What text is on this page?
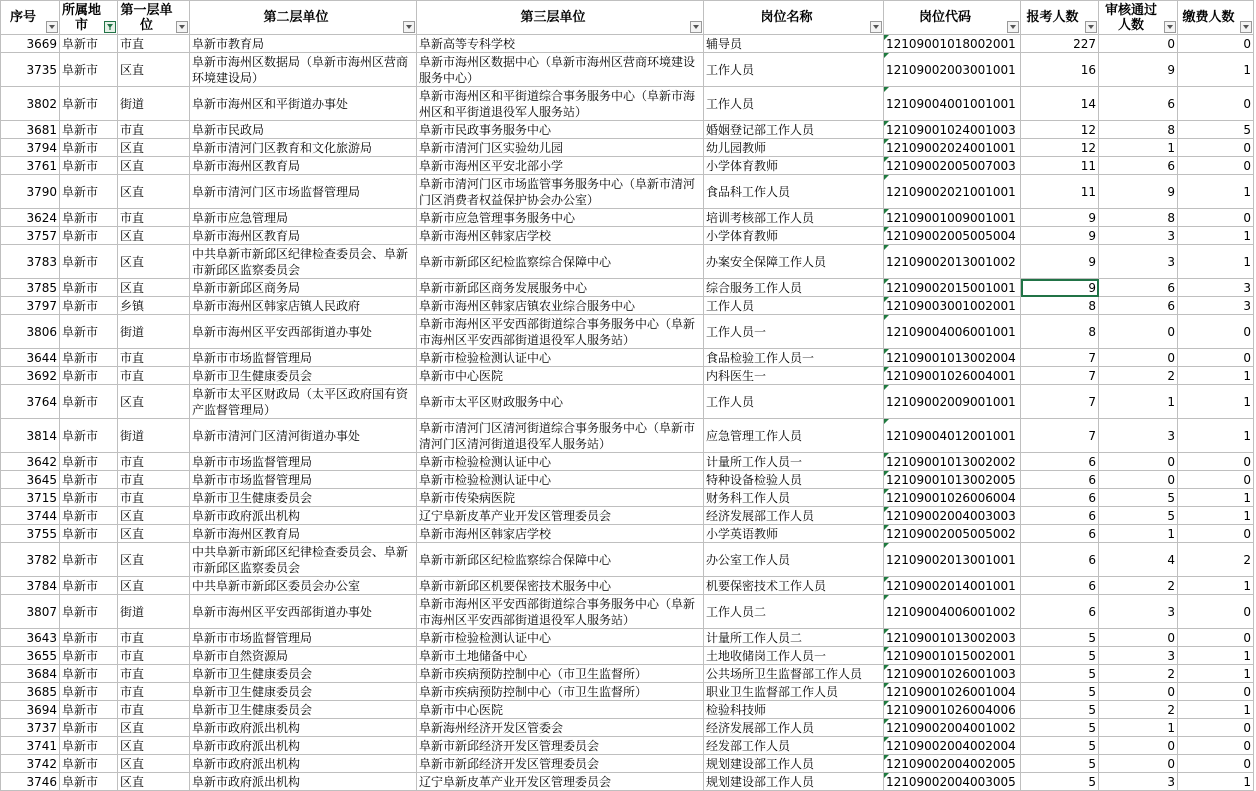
序号	所属地市	第一层单位	第二层单位	第三层单位	岗位名称	岗位代码	报考人数	审核通过人数	缴费人数

3669	阜新市	市直	阜新市教育局	阜新高等专科学校	辅导员	12109001018002001	227	0	0
3735	阜新市	区直	阜新市海州区数据局（阜新市海州区营商环境建设局）	阜新市海州区数据中心（阜新市海州区营商环境建设服务中心）	工作人员	12109002003001001	16	9	1
3802	阜新市	街道	阜新市海州区和平街道办事处	阜新市海州区和平街道综合事务服务中心（阜新市海州区和平街道退役军人服务站）	工作人员	12109004001001001	14	6	0
3681	阜新市	市直	阜新市民政局	阜新市民政事务服务中心	婚姻登记部工作人员	12109001024001003	12	8	5
3794	阜新市	区直	阜新市清河门区教育和文化旅游局	阜新市清河门区实验幼儿园	幼儿园教师	12109002024001001	12	1	0
3761	阜新市	区直	阜新市海州区教育局	阜新市海州区平安北部小学	小学体育教师	12109002005007003	11	6	0
3790	阜新市	区直	阜新市清河门区市场监督管理局	阜新市清河门区市场监管事务服务中心（阜新市清河门区消费者权益保护协会办公室）	食品科工作人员	12109002021001001	11	9	1
3624	阜新市	市直	阜新市应急管理局	阜新市应急管理事务服务中心	培训考核部工作人员	12109001009001001	9	8	0
3757	阜新市	区直	阜新市海州区教育局	阜新市海州区韩家店学校	小学体育教师	12109002005005004	9	3	1
3783	阜新市	区直	中共阜新市新邱区纪律检查委员会、阜新市新邱区监察委员会	阜新市新邱区纪检监察综合保障中心	办案安全保障工作人员	12109002013001002	9	3	1
3785	阜新市	区直	阜新市新邱区商务局	阜新市新邱区商务发展服务中心	综合服务工作人员	12109002015001001	9	6	3
3797	阜新市	乡镇	阜新市海州区韩家店镇人民政府	阜新市海州区韩家店镇农业综合服务中心	工作人员	12109003001002001	8	6	3
3806	阜新市	街道	阜新市海州区平安西部街道办事处	阜新市海州区平安西部街道综合事务服务中心（阜新市海州区平安西部街道退役军人服务站）	工作人员一	12109004006001001	8	0	0
3644	阜新市	市直	阜新市市场监督管理局	阜新市检验检测认证中心	食品检验工作人员一	12109001013002004	7	0	0
3692	阜新市	市直	阜新市卫生健康委员会	阜新市中心医院	内科医生一	12109001026004001	7	2	1
3764	阜新市	区直	阜新市太平区财政局（太平区政府国有资产监督管理局）	阜新市太平区财政服务中心	工作人员	12109002009001001	7	1	1
3814	阜新市	街道	阜新市清河门区清河街道办事处	阜新市清河门区清河街道综合事务服务中心（阜新市清河门区清河街道退役军人服务站）	应急管理工作人员	12109004012001001	7	3	1
3642	阜新市	市直	阜新市市场监督管理局	阜新市检验检测认证中心	计量所工作人员一	12109001013002002	6	0	0
3645	阜新市	市直	阜新市市场监督管理局	阜新市检验检测认证中心	特种设备检验人员	12109001013002005	6	0	0
3715	阜新市	市直	阜新市卫生健康委员会	阜新市传染病医院	财务科工作人员	12109001026006004	6	5	1
3744	阜新市	区直	阜新市政府派出机构	辽宁阜新皮革产业开发区管理委员会	经济发展部工作人员	12109002004003003	6	5	1
3755	阜新市	区直	阜新市海州区教育局	阜新市海州区韩家店学校	小学英语教师	12109002005005002	6	1	0
3782	阜新市	区直	中共阜新市新邱区纪律检查委员会、阜新市新邱区监察委员会	阜新市新邱区纪检监察综合保障中心	办公室工作人员	12109002013001001	6	4	2
3784	阜新市	区直	中共阜新市新邱区委员会办公室	阜新市新邱区机要保密技术服务中心	机要保密技术工作人员	12109002014001001	6	2	1
3807	阜新市	街道	阜新市海州区平安西部街道办事处	阜新市海州区平安西部街道综合事务服务中心（阜新市海州区平安西部街道退役军人服务站）	工作人员二	12109004006001002	6	3	0
3643	阜新市	市直	阜新市市场监督管理局	阜新市检验检测认证中心	计量所工作人员二	12109001013002003	5	0	0
3655	阜新市	市直	阜新市自然资源局	阜新市土地储备中心	土地收储岗工作人员一	12109001015002001	5	3	1
3684	阜新市	市直	阜新市卫生健康委员会	阜新市疾病预防控制中心（市卫生监督所）	公共场所卫生监督部工作人员	12109001026001003	5	2	1
3685	阜新市	市直	阜新市卫生健康委员会	阜新市疾病预防控制中心（市卫生监督所）	职业卫生监督部工作人员	12109001026001004	5	0	0
3694	阜新市	市直	阜新市卫生健康委员会	阜新市中心医院	检验科技师	12109001026004006	5	2	1
3737	阜新市	区直	阜新市政府派出机构	阜新海州经济开发区管委会	经济发展部工作人员	12109002004001002	5	1	0
3741	阜新市	区直	阜新市政府派出机构	阜新市新邱经济开发区管理委员会	经发部工作人员	12109002004002004	5	0	0
3742	阜新市	区直	阜新市政府派出机构	阜新市新邱经济开发区管理委员会	规划建设部工作人员	12109002004002005	5	0	0
3746	阜新市	区直	阜新市政府派出机构	辽宁阜新皮革产业开发区管理委员会	规划建设部工作人员	12109002004003005	5	3	1
